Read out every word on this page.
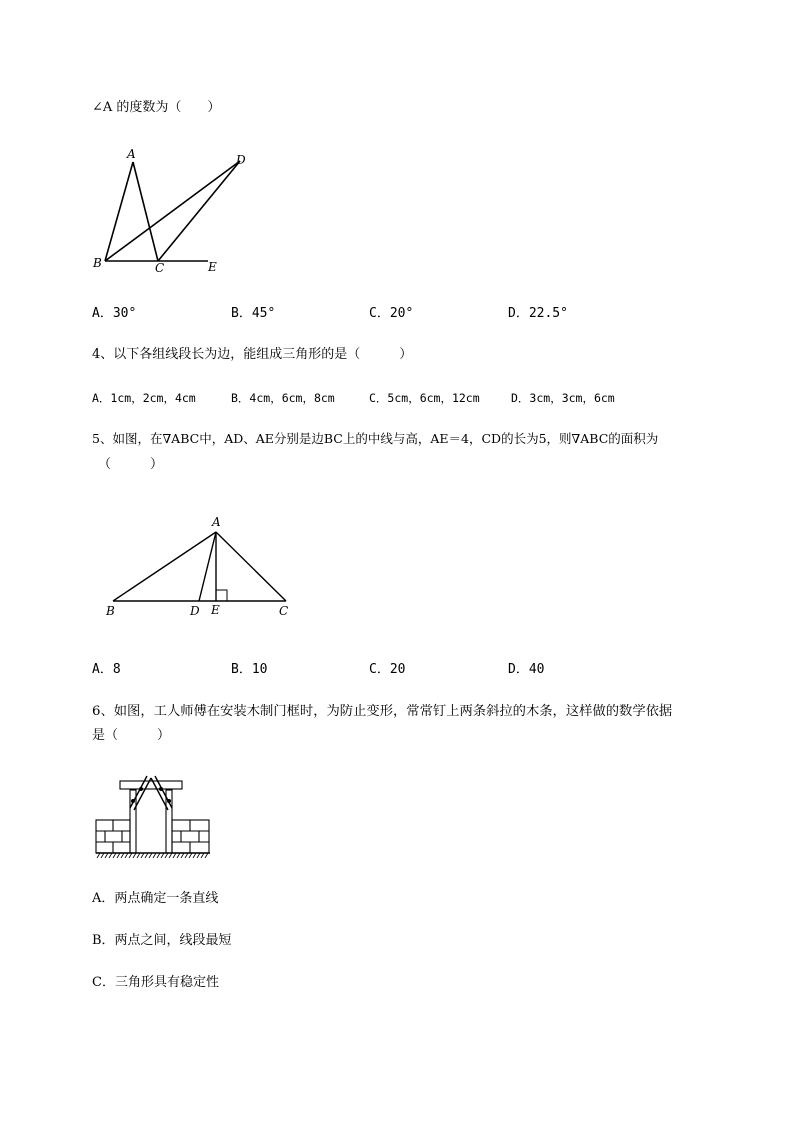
∠A 的度数为（　　）
A
B	C
D
E
A．30°	B．45°	C．20°	D．22.5°
4、以下各组线段长为边，能组成三角形的是（　　　）
A．1cm，2cm，4cm	B．4cm，6cm，8cm	C．5cm，6cm，12cm	D．3cm，3cm，6cm
5、如图，在∇ABC中，AD、AE分别是边BC上的中线与高，AE＝4，CD的长为5，则∇ABC的面积为
（　　　）
A
B	D E	C
A．8	B．10	C．20	D．40
6、如图，工人师傅在安装木制门框时，为防止变形，常常钉上两条斜拉的木条，这样做的数学依据
是（　　　）
A．两点确定一条直线
B．两点之间，线段最短
C．三角形具有稳定性
